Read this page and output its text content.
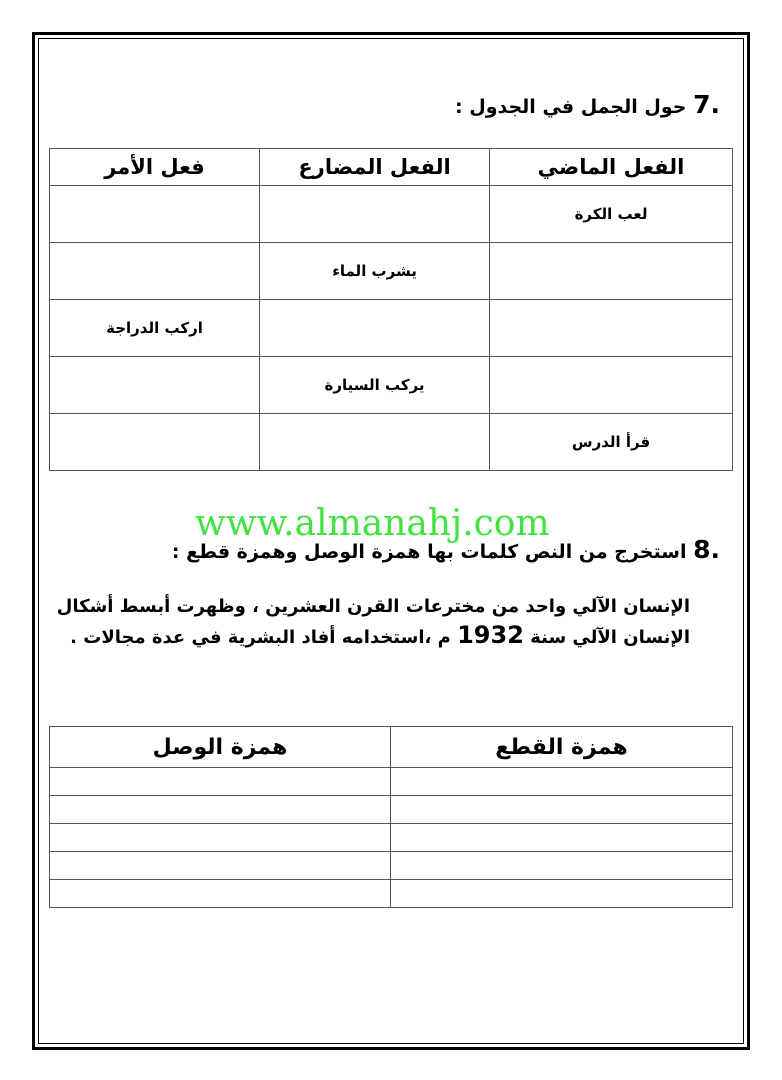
.7 حول الجمل في الجدول :
الفعل الماضي	الفعل المضارع	فعل الأمر
لعب الكرة		
	يشرب الماء	
		اركب الدراجة
	يركب السيارة	
قرأ الدرس		
.8 استخرج من النص كلمات بها همزة الوصل وهمزة قطع :
www.almanahj.com
الإنسان الآلي واحد من مخترعات القرن العشرين ، وظهرت أبسط أشكال الإنسان الآلي سنة 1932 م ،استخدامه أفاد البشرية في عدة مجالات .
همزة القطع	همزة الوصل
